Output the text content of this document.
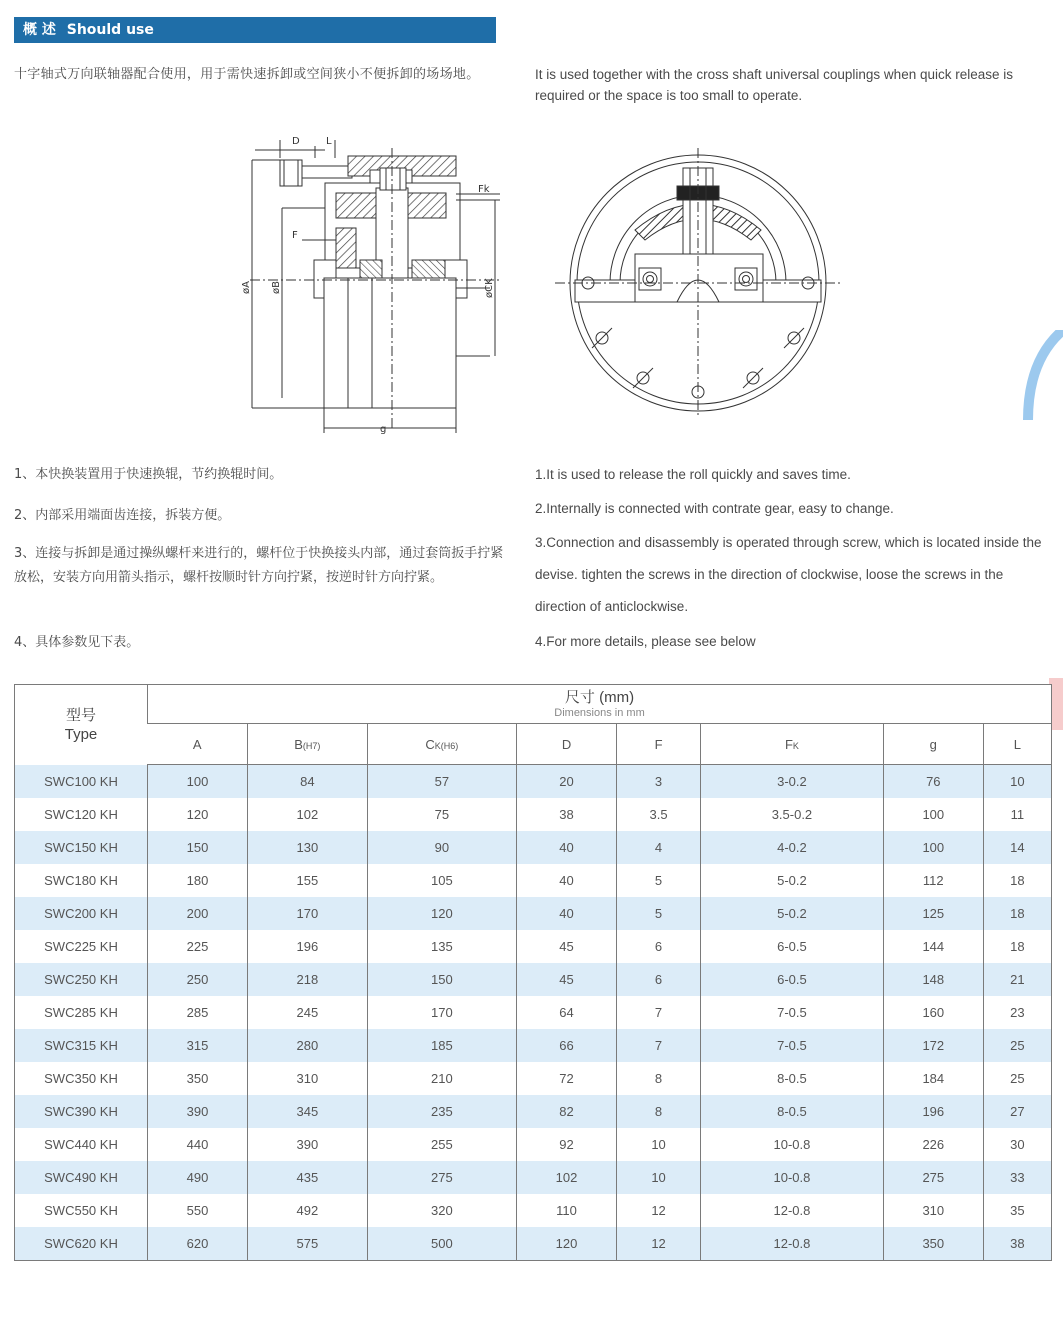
概 述 Should use
十字轴式万向联轴器配合使用，用于需快速拆卸或空间狭小不便拆卸的场场地。	It is used together with the cross shaft universal couplings when quick release is required or the space is too small to operate.
D	L
Fk
F
g
øA øB	øCK
1、本快换装置用于快速换辊，节约换辊时间。
2、内部采用端面齿连接，拆装方便。
3、连接与拆卸是通过操纵螺杆来进行的，螺杆位于快换接头内部，通过套筒扳手拧紧放松，安装方向用箭头指示，螺杆按顺时针方向拧紧，按逆时针方向拧紧。
4、具体参数见下表。
1.It is used to release the roll quickly and saves time.
2.Internally is connected with contrate gear, easy to change.
3.Connection and disassembly is operated through screw, which is located inside the devise. tighten the screws in the direction of clockwise, loose the screws in the direction of anticlockwise.
4.For more details, please see below
型号
Type	尺寸 (mm)
Dimensions in mm							

	A	B(H7)	CK(H6)	D	F	FK	g	L
SWC100 KH	100	84	57	20	3	3-0.2	76	10
SWC120 KH	120	102	75	38	3.5	3.5-0.2	100	11
SWC150 KH	150	130	90	40	4	4-0.2	100	14
SWC180 KH	180	155	105	40	5	5-0.2	112	18
SWC200 KH	200	170	120	40	5	5-0.2	125	18
SWC225 KH	225	196	135	45	6	6-0.5	144	18
SWC250 KH	250	218	150	45	6	6-0.5	148	21
SWC285 KH	285	245	170	64	7	7-0.5	160	23
SWC315 KH	315	280	185	66	7	7-0.5	172	25
SWC350 KH	350	310	210	72	8	8-0.5	184	25
SWC390 KH	390	345	235	82	8	8-0.5	196	27
SWC440 KH	440	390	255	92	10	10-0.8	226	30
SWC490 KH	490	435	275	102	10	10-0.8	275	33
SWC550 KH	550	492	320	110	12	12-0.8	310	35
SWC620 KH	620	575	500	120	12	12-0.8	350	38
